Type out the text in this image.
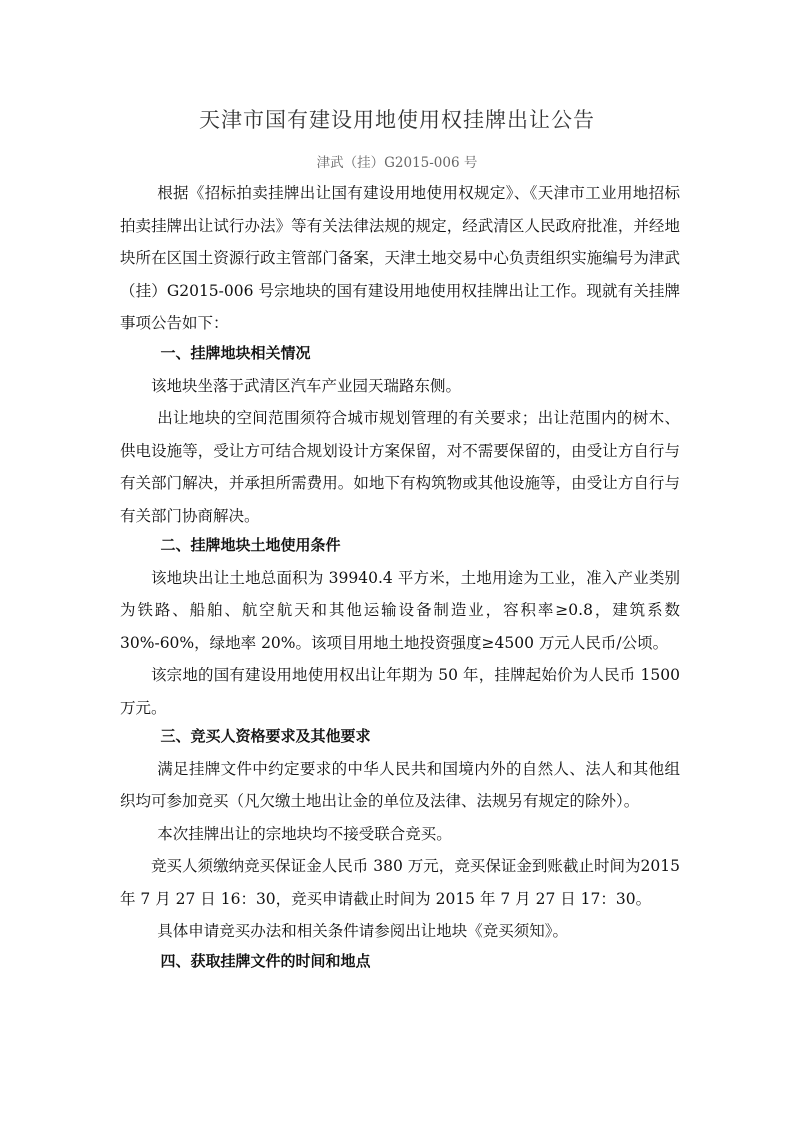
天津市国有建设用地使用权挂牌出让公告
津武（挂）G2015-006 号

根据《招标拍卖挂牌出让国有建设用地使用权规定》、《天津市工业用地招标拍卖挂牌出让试行办法》等有关法律法规的规定，经武清区人民政府批准，并经地块所在区国土资源行政主管部门备案，天津土地交易中心负责组织实施编号为津武（挂）G2015-006 号宗地块的国有建设用地使用权挂牌出让工作。现就有关挂牌事项公告如下：

一、挂牌地块相关情况

该地块坐落于武清区汽车产业园天瑞路东侧。

出让地块的空间范围须符合城市规划管理的有关要求；出让范围内的树木、供电设施等，受让方可结合规划设计方案保留，对不需要保留的，由受让方自行与有关部门解决，并承担所需费用。如地下有构筑物或其他设施等，由受让方自行与有关部门协商解决。

二、挂牌地块土地使用条件

该地块出让土地总面积为 39940.4 平方米，土地用途为工业，准入产业类别为铁路、船舶、航空航天和其他运输设备制造业，容积率≥0.8，建筑系数30%-60%，绿地率 20%。该项目用地土地投资强度≥4500 万元人民币/公顷。

该宗地的国有建设用地使用权出让年期为 50 年，挂牌起始价为人民币 1500万元。

三、竞买人资格要求及其他要求

满足挂牌文件中约定要求的中华人民共和国境内外的自然人、法人和其他组织均可参加竞买（凡欠缴土地出让金的单位及法律、法规另有规定的除外）。

本次挂牌出让的宗地块均不接受联合竞买。

竞买人须缴纳竞买保证金人民币 380 万元，竞买保证金到账截止时间为2015 年 7 月 27 日 16：30，竞买申请截止时间为 2015 年 7 月 27 日 17：30。

具体申请竞买办法和相关条件请参阅出让地块《竞买须知》。

四、获取挂牌文件的时间和地点
